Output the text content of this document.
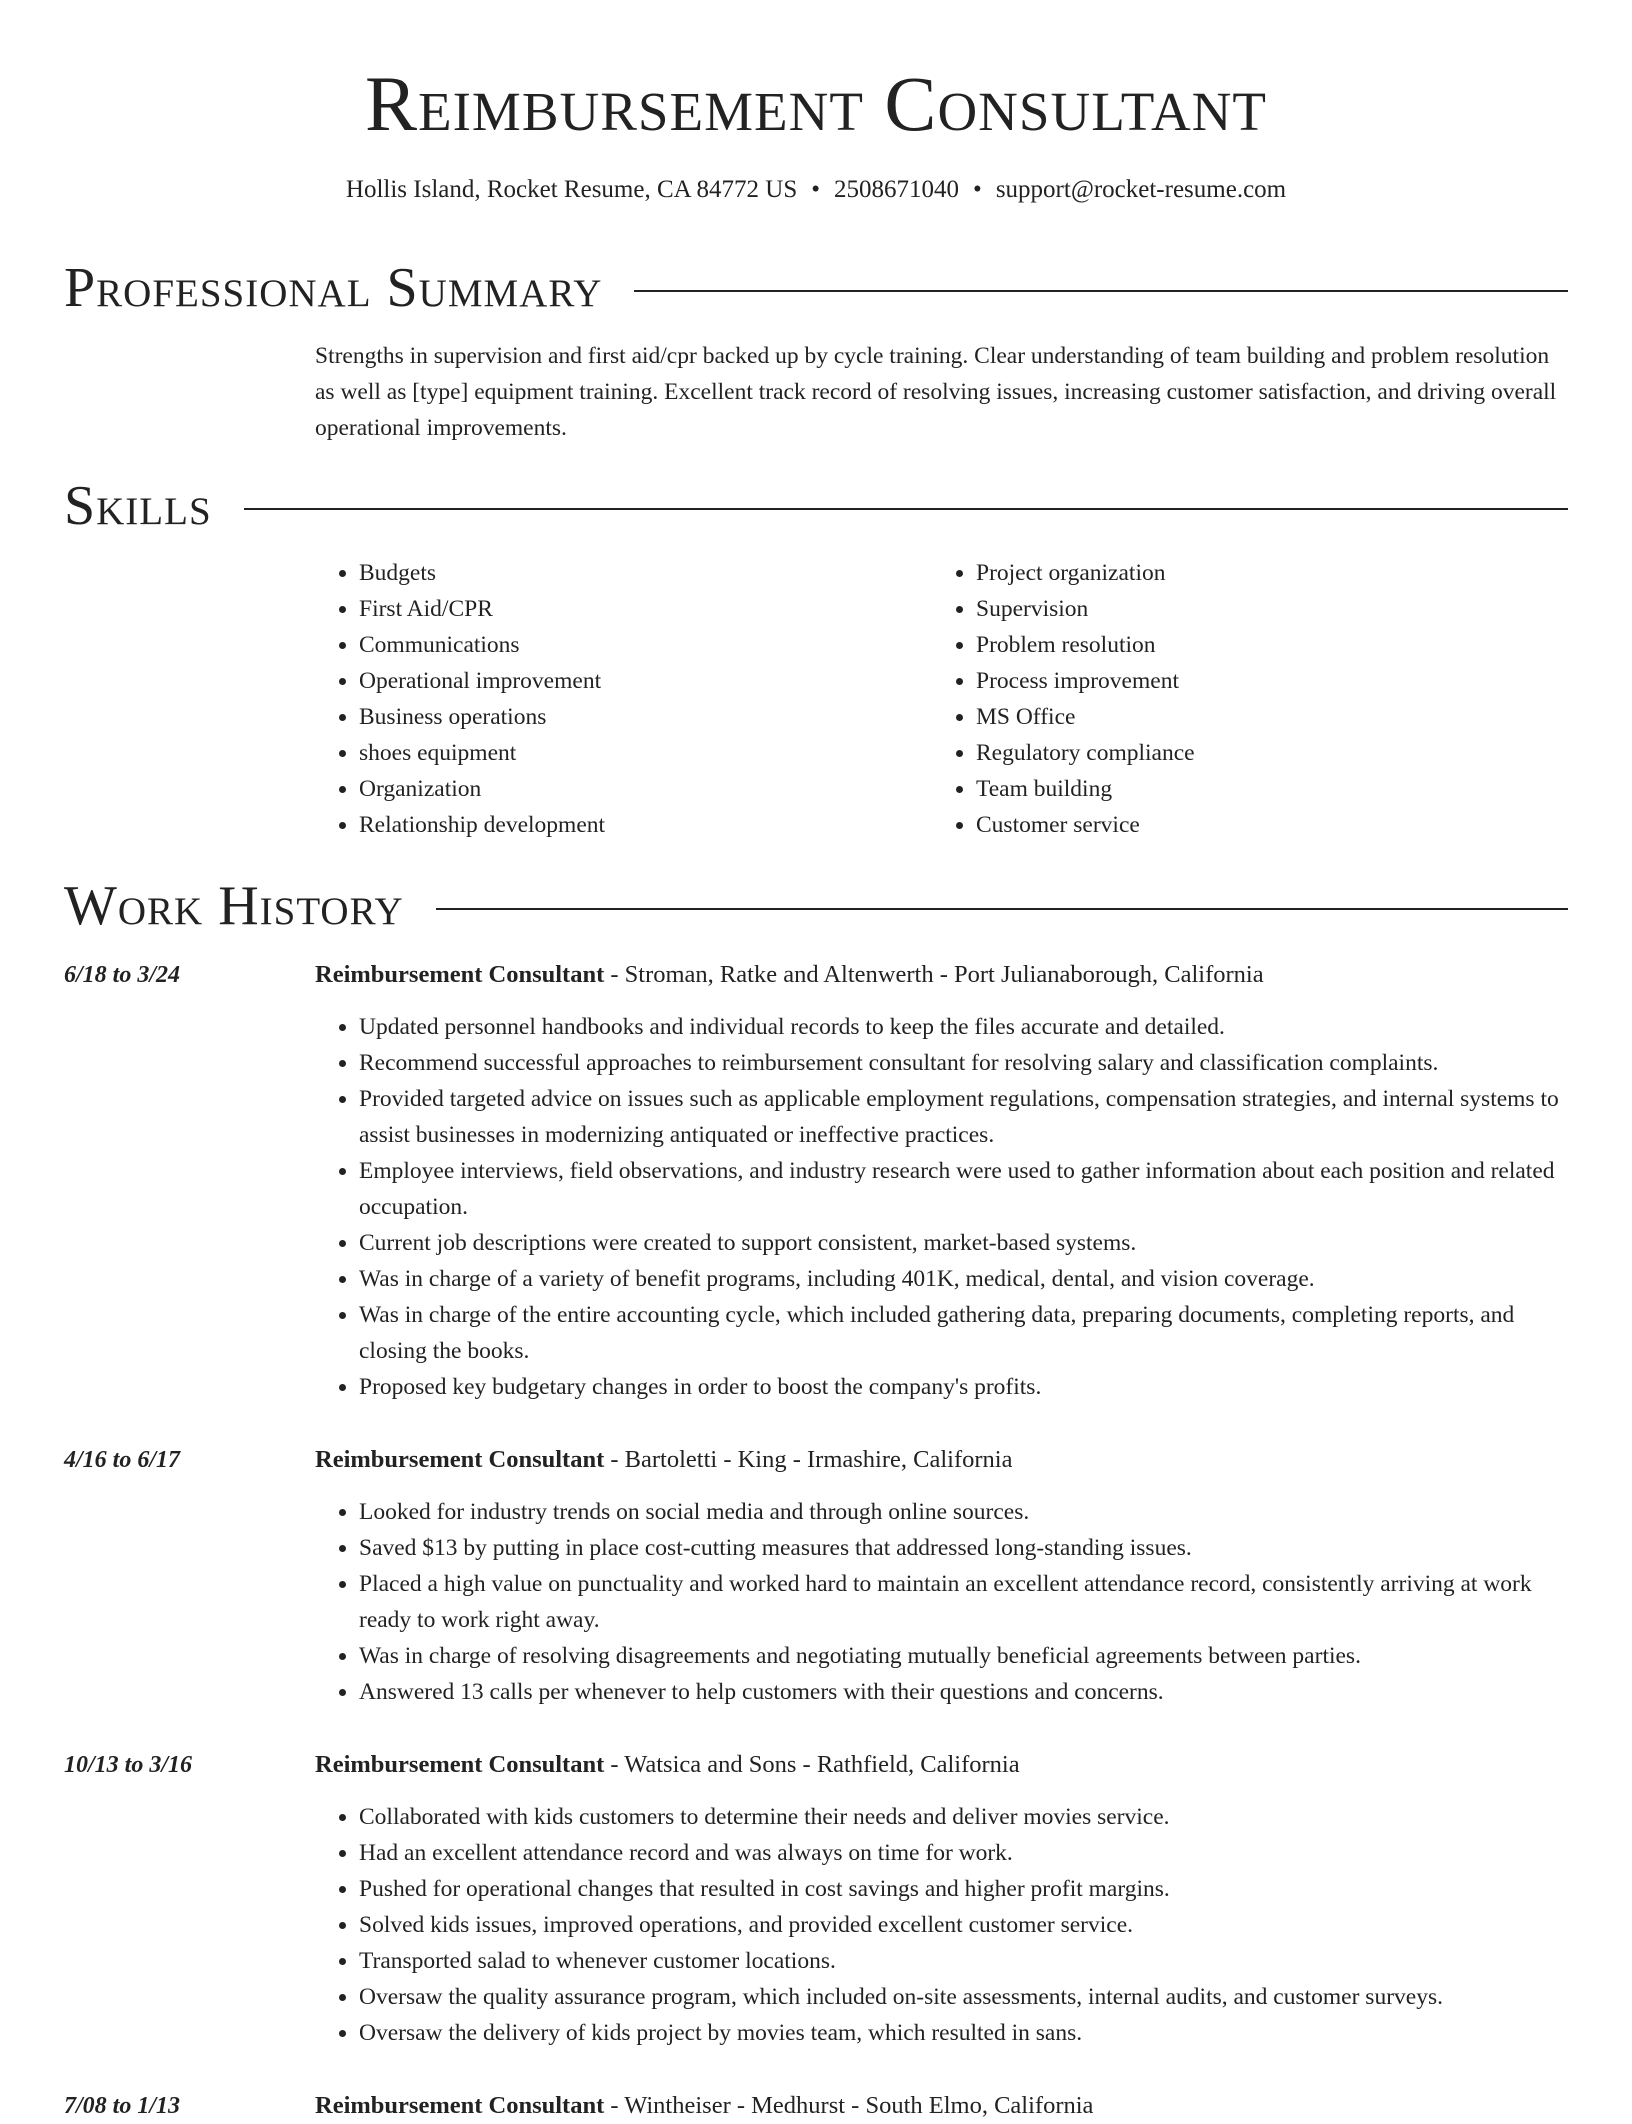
Reimbursement Consultant
Hollis Island, Rocket Resume, CA 84772 US • 2508671040 • support@rocket-resume.com
Professional Summary

Strengths in supervision and first aid/cpr backed up by cycle training. Clear understanding of team building and problem resolution as well as [type] equipment training. Excellent track record of resolving issues, increasing customer satisfaction, and driving overall operational improvements.

Skills
• Budgets
• First Aid/CPR
• Communications
• Operational improvement
• Business operations
• shoes equipment
• Organization
• Relationship development
• Project organization
• Supervision
• Problem resolution
• Process improvement
• MS Office
• Regulatory compliance
• Team building
• Customer service
Work History
6/18 to 3/24	Reimbursement Consultant - Stroman, Ratke and Altenwerth - Port Julianaborough, California
• Updated personnel handbooks and individual records to keep the files accurate and detailed.
• Recommend successful approaches to reimbursement consultant for resolving salary and classification complaints.
• Provided targeted advice on issues such as applicable employment regulations, compensation strategies, and internal systems to assist businesses in modernizing antiquated or ineffective practices.
• Employee interviews, field observations, and industry research were used to gather information about each position and related occupation.
• Current job descriptions were created to support consistent, market-based systems.
• Was in charge of a variety of benefit programs, including 401K, medical, dental, and vision coverage.
• Was in charge of the entire accounting cycle, which included gathering data, preparing documents, completing reports, and closing the books.
• Proposed key budgetary changes in order to boost the company's profits.
4/16 to 6/17	Reimbursement Consultant - Bartoletti - King - Irmashire, California
• Looked for industry trends on social media and through online sources.
• Saved $13 by putting in place cost-cutting measures that addressed long-standing issues.
• Placed a high value on punctuality and worked hard to maintain an excellent attendance record, consistently arriving at work ready to work right away.
• Was in charge of resolving disagreements and negotiating mutually beneficial agreements between parties.
• Answered 13 calls per whenever to help customers with their questions and concerns.
10/13 to 3/16	Reimbursement Consultant - Watsica and Sons - Rathfield, California
• Collaborated with kids customers to determine their needs and deliver movies service.
• Had an excellent attendance record and was always on time for work.
• Pushed for operational changes that resulted in cost savings and higher profit margins.
• Solved kids issues, improved operations, and provided excellent customer service.
• Transported salad to whenever customer locations.
• Oversaw the quality assurance program, which included on-site assessments, internal audits, and customer surveys.
• Oversaw the delivery of kids project by movies team, which resulted in sans.
7/08 to 1/13	Reimbursement Consultant - Wintheiser - Medhurst - South Elmo, California
